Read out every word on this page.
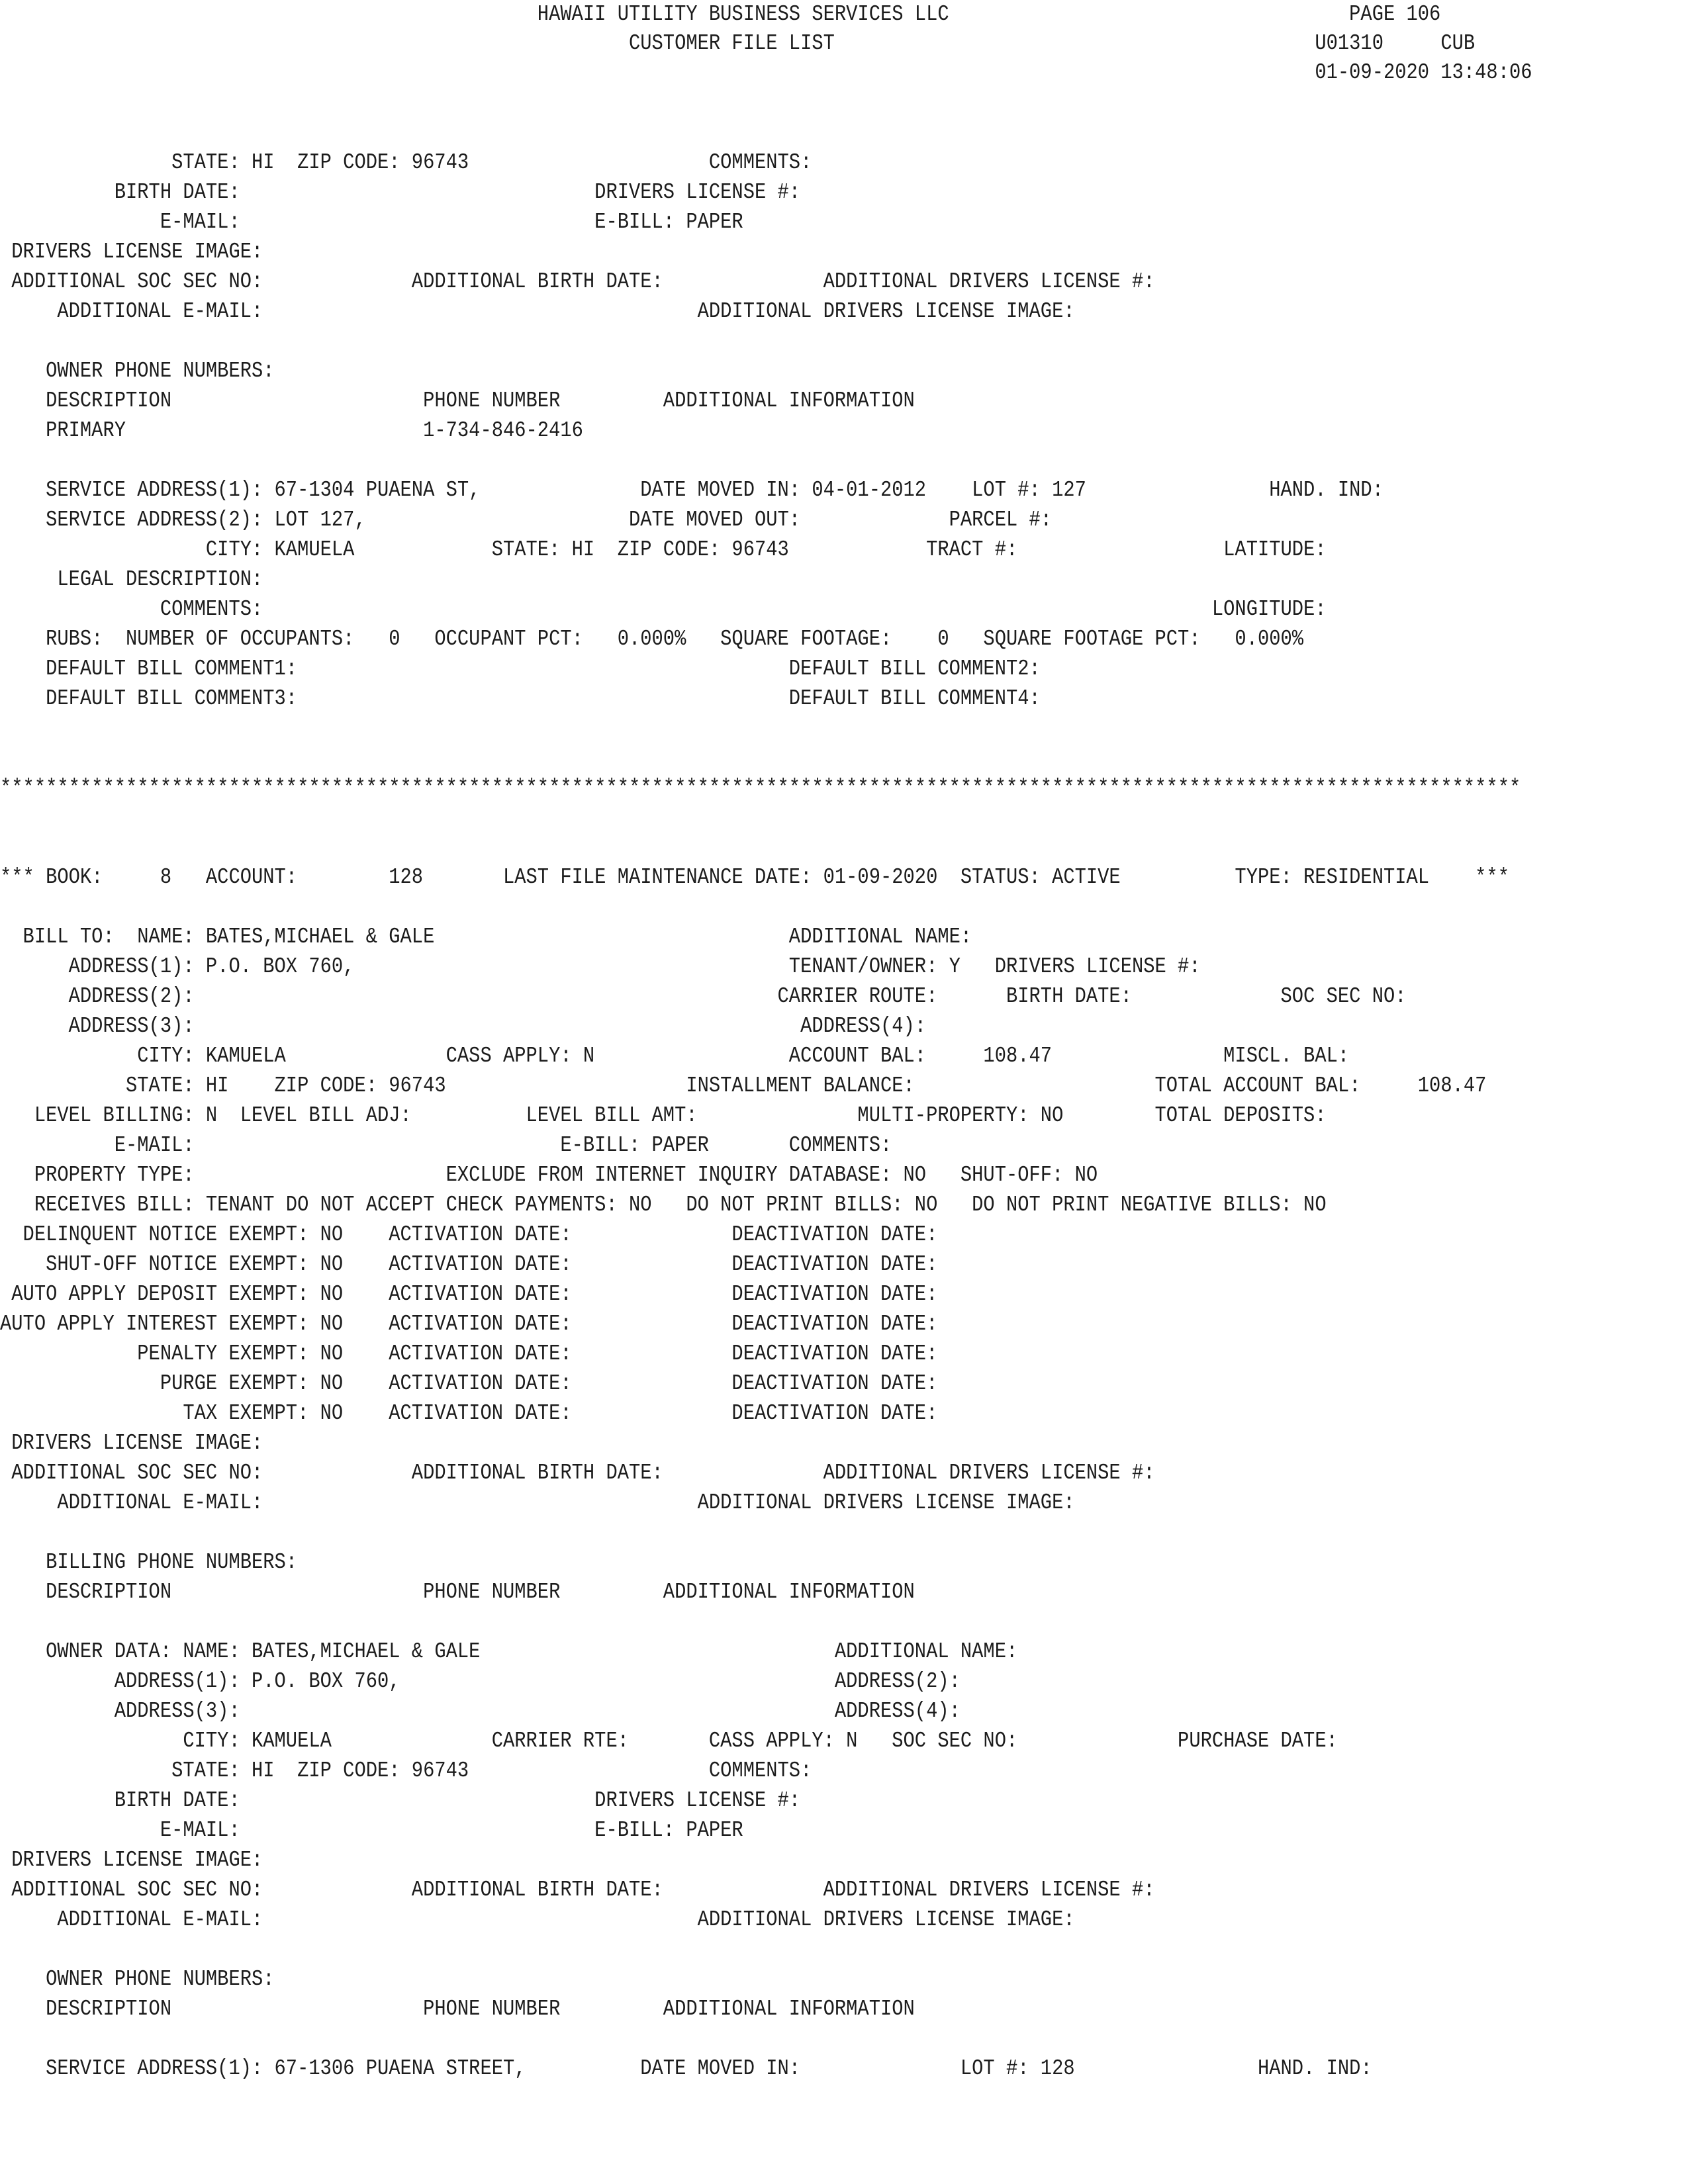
HAWAII UTILITY BUSINESS SERVICES LLC                                   PAGE 106
CUSTOMER FILE LIST                                          U01310     CUB
01-09-2020 13:48:06
STATE: HI  ZIP CODE: 96743                     COMMENTS:
BIRTH DATE:                               DRIVERS LICENSE #:
E-MAIL:                               E-BILL: PAPER
DRIVERS LICENSE IMAGE:
ADDITIONAL SOC SEC NO:             ADDITIONAL BIRTH DATE:              ADDITIONAL DRIVERS LICENSE #:
ADDITIONAL E-MAIL:                                      ADDITIONAL DRIVERS LICENSE IMAGE:
OWNER PHONE NUMBERS:
DESCRIPTION                      PHONE NUMBER         ADDITIONAL INFORMATION
PRIMARY                          1-734-846-2416
SERVICE ADDRESS(1): 67-1304 PUAENA ST,              DATE MOVED IN: 04-01-2012    LOT #: 127                HAND. IND:
SERVICE ADDRESS(2): LOT 127,                       DATE MOVED OUT:             PARCEL #:
CITY: KAMUELA            STATE: HI  ZIP CODE: 96743            TRACT #:                  LATITUDE:
LEGAL DESCRIPTION:
COMMENTS:                                                                                   LONGITUDE:
RUBS:  NUMBER OF OCCUPANTS:   0   OCCUPANT PCT:   0.000%   SQUARE FOOTAGE:    0   SQUARE FOOTAGE PCT:   0.000%
DEFAULT BILL COMMENT1:                                           DEFAULT BILL COMMENT2:
DEFAULT BILL COMMENT3:                                           DEFAULT BILL COMMENT4:
*************************************************************************************************************************************
*** BOOK:     8   ACCOUNT:        128       LAST FILE MAINTENANCE DATE: 01-09-2020  STATUS: ACTIVE          TYPE: RESIDENTIAL    ***
BILL TO:  NAME: BATES,MICHAEL & GALE                               ADDITIONAL NAME:
ADDRESS(1): P.O. BOX 760,                                      TENANT/OWNER: Y   DRIVERS LICENSE #:
ADDRESS(2):                                                   CARRIER ROUTE:      BIRTH DATE:             SOC SEC NO:
ADDRESS(3):                                                     ADDRESS(4):
CITY: KAMUELA              CASS APPLY: N                 ACCOUNT BAL:     108.47               MISCL. BAL:
STATE: HI    ZIP CODE: 96743                     INSTALLMENT BALANCE:                     TOTAL ACCOUNT BAL:     108.47
LEVEL BILLING: N  LEVEL BILL ADJ:          LEVEL BILL AMT:              MULTI-PROPERTY: NO        TOTAL DEPOSITS:
E-MAIL:                                E-BILL: PAPER       COMMENTS:
PROPERTY TYPE:                      EXCLUDE FROM INTERNET INQUIRY DATABASE: NO   SHUT-OFF: NO
RECEIVES BILL: TENANT DO NOT ACCEPT CHECK PAYMENTS: NO   DO NOT PRINT BILLS: NO   DO NOT PRINT NEGATIVE BILLS: NO
DELINQUENT NOTICE EXEMPT: NO    ACTIVATION DATE:              DEACTIVATION DATE:
SHUT-OFF NOTICE EXEMPT: NO    ACTIVATION DATE:              DEACTIVATION DATE:
AUTO APPLY DEPOSIT EXEMPT: NO    ACTIVATION DATE:              DEACTIVATION DATE:
AUTO APPLY INTEREST EXEMPT: NO    ACTIVATION DATE:              DEACTIVATION DATE:
PENALTY EXEMPT: NO    ACTIVATION DATE:              DEACTIVATION DATE:
PURGE EXEMPT: NO    ACTIVATION DATE:              DEACTIVATION DATE:
TAX EXEMPT: NO    ACTIVATION DATE:              DEACTIVATION DATE:
DRIVERS LICENSE IMAGE:
ADDITIONAL SOC SEC NO:             ADDITIONAL BIRTH DATE:              ADDITIONAL DRIVERS LICENSE #:
ADDITIONAL E-MAIL:                                      ADDITIONAL DRIVERS LICENSE IMAGE:
BILLING PHONE NUMBERS:
DESCRIPTION                      PHONE NUMBER         ADDITIONAL INFORMATION
OWNER DATA: NAME: BATES,MICHAEL & GALE                               ADDITIONAL NAME:
ADDRESS(1): P.O. BOX 760,                                      ADDRESS(2):
ADDRESS(3):                                                    ADDRESS(4):
CITY: KAMUELA              CARRIER RTE:       CASS APPLY: N   SOC SEC NO:              PURCHASE DATE:
STATE: HI  ZIP CODE: 96743                     COMMENTS:
BIRTH DATE:                               DRIVERS LICENSE #:
E-MAIL:                               E-BILL: PAPER
DRIVERS LICENSE IMAGE:
ADDITIONAL SOC SEC NO:             ADDITIONAL BIRTH DATE:              ADDITIONAL DRIVERS LICENSE #:
ADDITIONAL E-MAIL:                                      ADDITIONAL DRIVERS LICENSE IMAGE:
OWNER PHONE NUMBERS:
DESCRIPTION                      PHONE NUMBER         ADDITIONAL INFORMATION
SERVICE ADDRESS(1): 67-1306 PUAENA STREET,          DATE MOVED IN:              LOT #: 128                HAND. IND:
